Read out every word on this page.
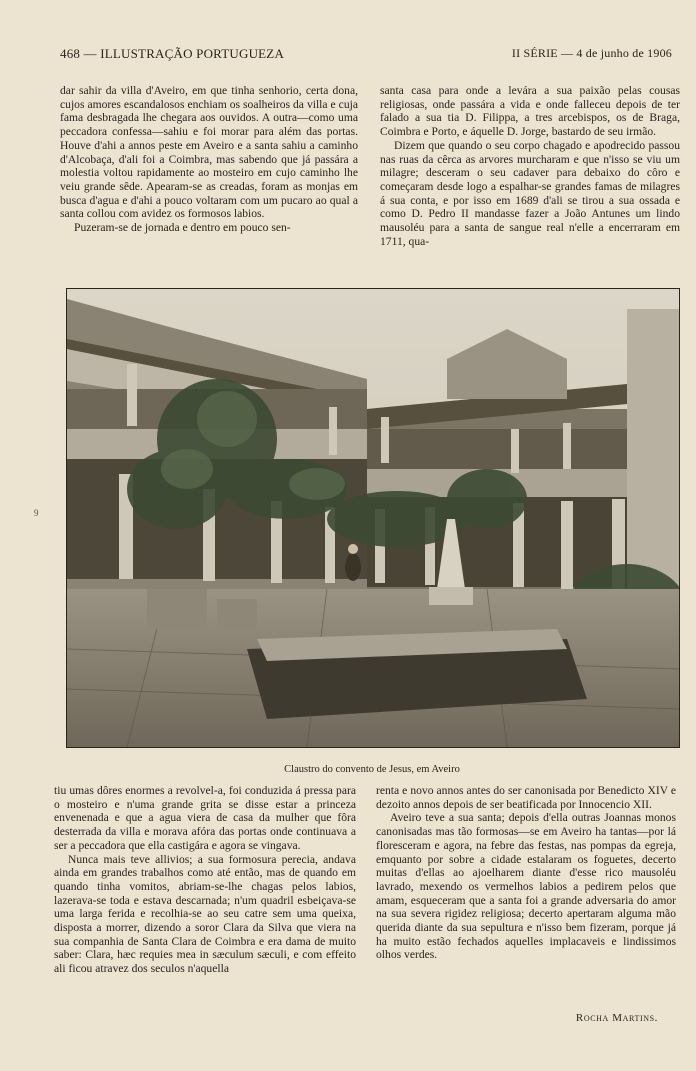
468 — ILLUSTRAÇÃO PORTUGUEZA	II SÉRIE — 4 de junho de 1906

dar sahir da villa d'Aveiro, em que tinha senhorio, certa dona, cujos amores escandalosos enchiam os soalheiros da villa e cuja fama desbragada lhe chegara aos ouvidos. A outra—como uma peccadora confessa—sahiu e foi morar para além das portas. Houve d'ahi a annos peste em Aveiro e a santa sahiu a caminho d'Alcobaça, d'ali foi a Coimbra, mas sabendo que já passára a molestia voltou rapidamente ao mosteiro em cujo caminho lhe veiu grande sêde. Apearam-se as creadas, foram as monjas em busca d'agua e d'ahi a pouco voltaram com um pucaro ao qual a santa collou com avidez os formosos labios.

Puzeram-se de jornada e dentro em pouco sen-

santa casa para onde a levára a sua paixão pelas cousas religiosas, onde passára a vida e onde falleceu depois de ter falado a sua tia D. Filippa, a tres arcebispos, os de Braga, Coimbra e Porto, e áquelle D. Jorge, bastardo de seu irmão.

Dizem que quando o seu corpo chagado e apodrecido passou nas ruas da cêrca as arvores murcharam e que n'isso se viu um milagre; desceram o seu cadaver para debaixo do côro e começaram desde logo a espalhar-se grandes famas de milagres á sua conta, e por isso em 1689 d'ali se tirou a sua ossada e como D. Pedro II mandasse fazer a João Antunes um lindo mausoléu para a santa de sangue real n'elle a encerraram em 1711, qua-

9
Claustro do convento de Jesus, em Aveiro

tiu umas dôres enormes a revolvel-a, foi conduzida á pressa para o mosteiro e n'uma grande grita se disse estar a princeza envenenada e que a agua viera de casa da mulher que fôra desterrada da villa e morava afóra das portas onde continuava a ser a peccadora que ella castigára e agora se vingava.

Nunca mais teve allivios; a sua formosura perecia, andava ainda em grandes trabalhos como até então, mas de quando em quando tinha vomitos, abriam-se-lhe chagas pelos labios, lazerava-se toda e estava descarnada; n'um quadril esbeiçava-se uma larga ferida e recolhia-se ao seu catre sem uma queixa, disposta a morrer, dizendo a soror Clara da Silva que viera na sua companhia de Santa Clara de Coimbra e era dama de muito saber: Clara, hæc requies mea in sæculum sæculi, e com effeito ali ficou atravez dos seculos n'aquella

renta e novo annos antes do ser canonisada por Benedicto XIV e dezoito annos depois de ser beatificada por Innocencio XII.

Aveiro teve a sua santa; depois d'ella outras Joannas monos canonisadas mas tão formosas—se em Aveiro ha tantas—por lá floresceram e agora, na febre das festas, nas pompas da egreja, emquanto por sobre a cidade estalaram os foguetes, decerto muitas d'ellas ao ajoelharem diante d'esse rico mausoléu lavrado, mexendo os vermelhos labios a pedirem pelos que amam, esqueceram que a santa foi a grande adversaria do amor na sua severa rigidez religiosa; decerto apertaram alguma mão querida diante da sua sepultura e n'isso bem fizeram, porque já ha muito estão fechados aquelles implacaveis e lindissimos olhos verdes.

Rocha Martins.
